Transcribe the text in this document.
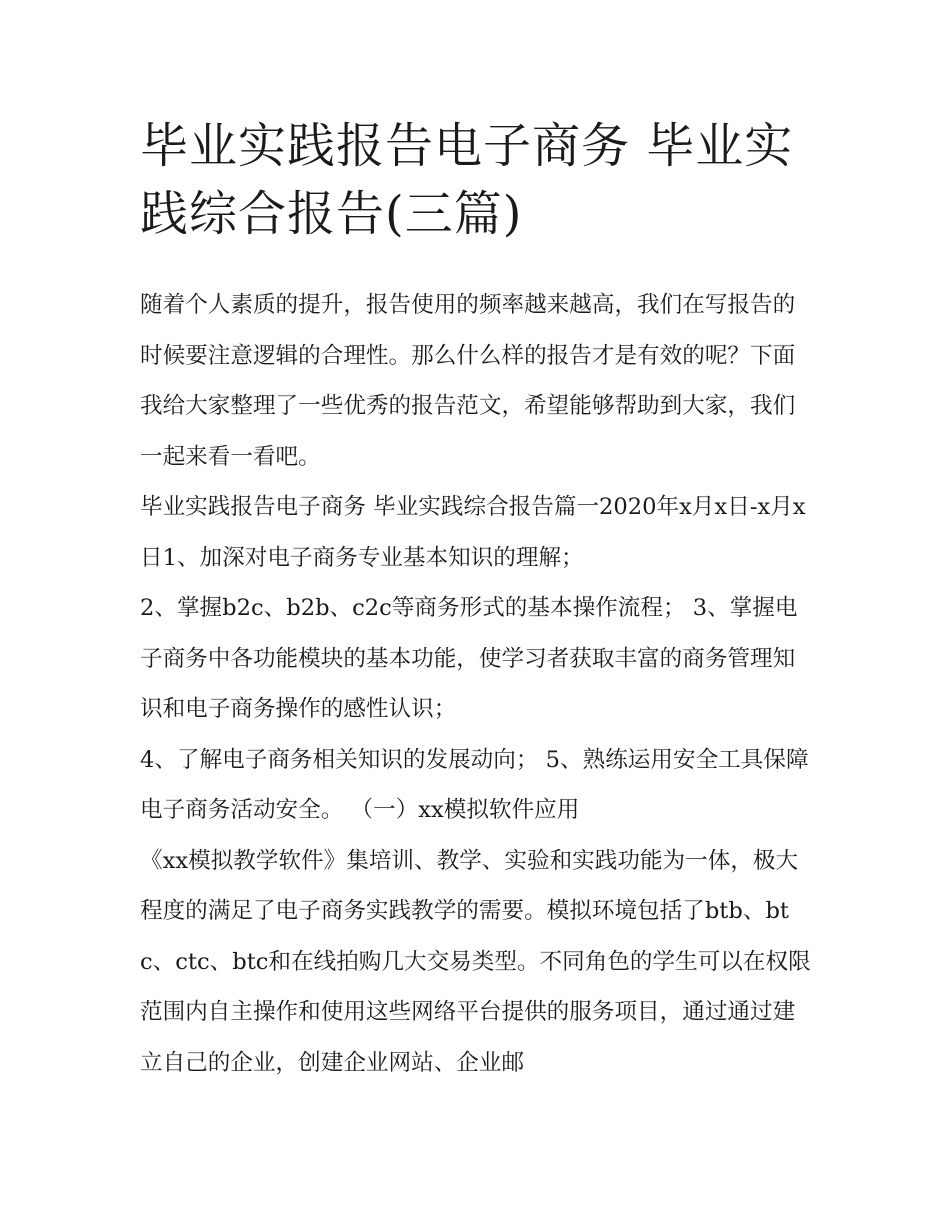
毕业实践报告电子商务 毕业实践综合报告(三篇)

随着个人素质的提升，报告使用的频率越来越高，我们在写报告的时候要注意逻辑的合理性。那么什么样的报告才是有效的呢？下面我给大家整理了一些优秀的报告范文，希望能够帮助到大家，我们一起来看一看吧。

毕业实践报告电子商务 毕业实践综合报告篇一2020年x月x日-x月x日1、加深对电子商务专业基本知识的理解；

2、掌握b2c、b2b、c2c等商务形式的基本操作流程； 3、掌握电子商务中各功能模块的基本功能，使学习者获取丰富的商务管理知识和电子商务操作的感性认识；

4、了解电子商务相关知识的发展动向； 5、熟练运用安全工具保障电子商务活动安全。 （一）xx模拟软件应用

《xx模拟教学软件》集培训、教学、实验和实践功能为一体，极大程度的满足了电子商务实践教学的需要。模拟环境包括了btb、btc、ctc、btc和在线拍购几大交易类型。不同角色的学生可以在权限范围内自主操作和使用这些网络平台提供的服务项目，通过通过建立自己的企业，创建企业网站、企业邮
